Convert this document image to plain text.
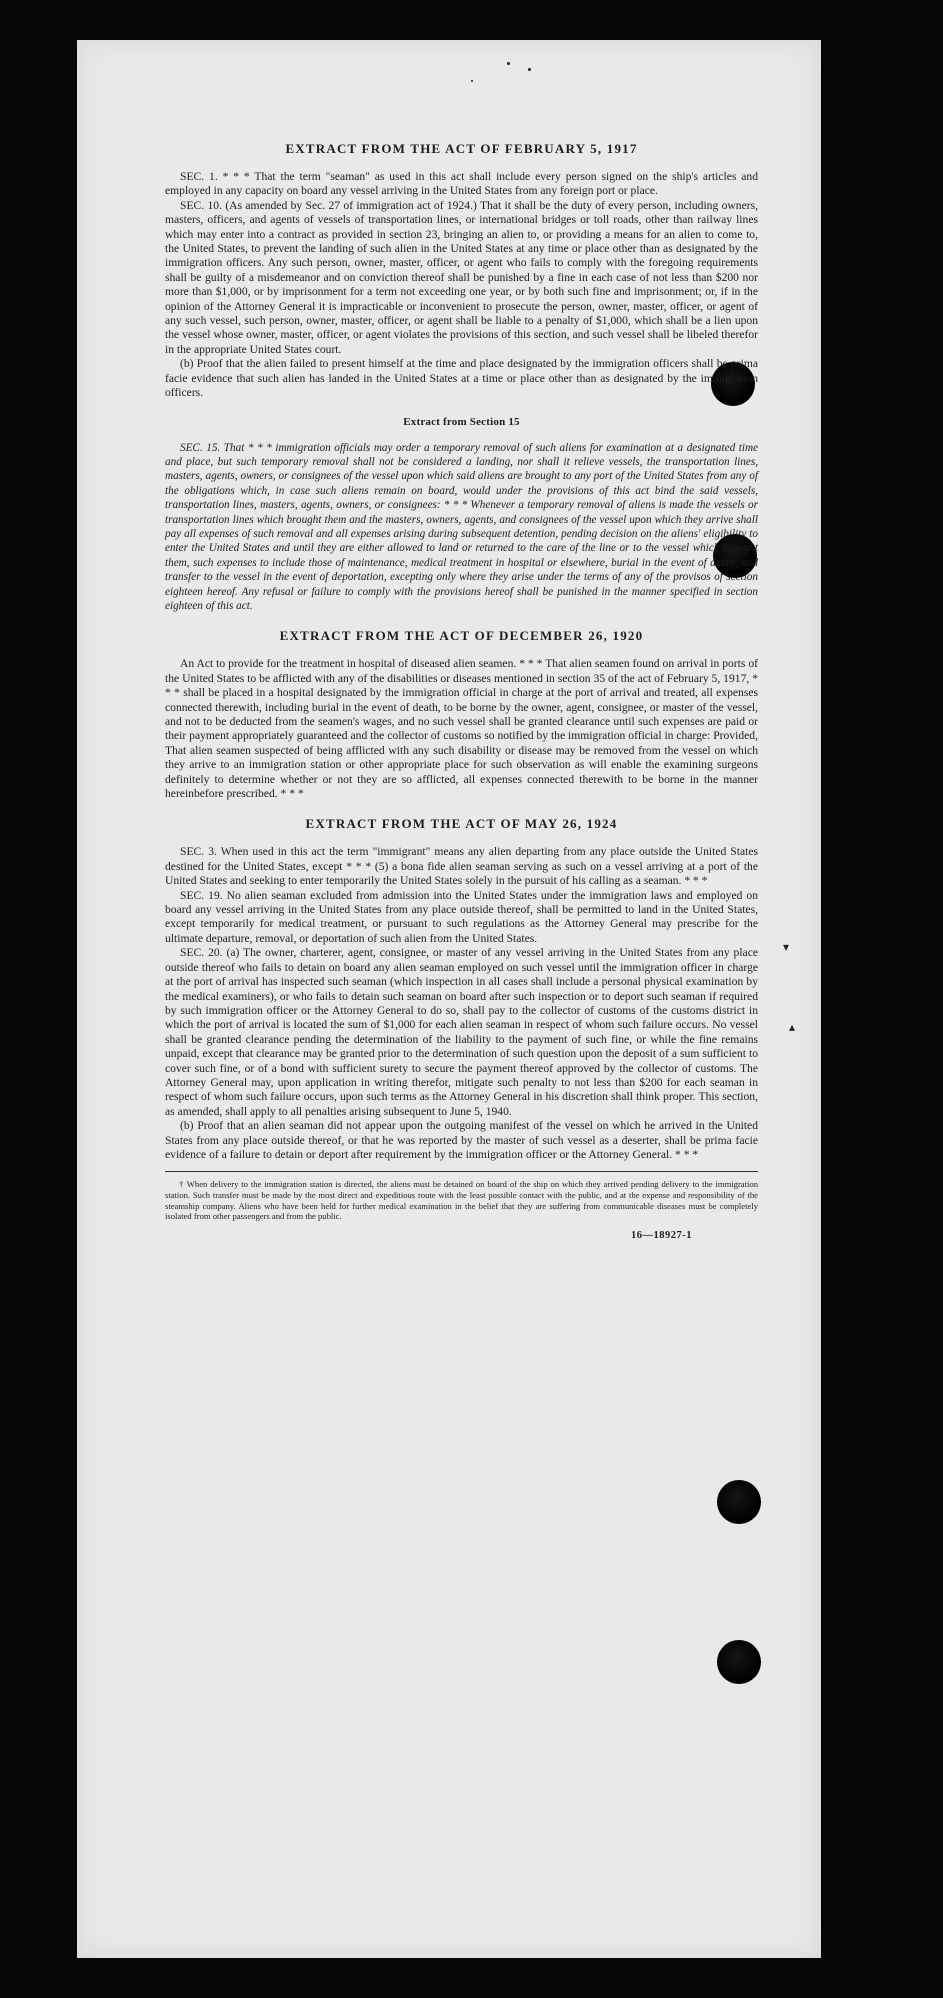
▾
▴
EXTRACT FROM THE ACT OF FEBRUARY 5, 1917

SEC. 1. * * * That the term "seaman" as used in this act shall include every person signed on the ship's articles and employed in any capacity on board any vessel arriving in the United States from any foreign port or place.

SEC. 10. (As amended by Sec. 27 of immigration act of 1924.) That it shall be the duty of every person, including owners, masters, officers, and agents of vessels of transportation lines, or international bridges or toll roads, other than railway lines which may enter into a contract as provided in section 23, bringing an alien to, or providing a means for an alien to come to, the United States, to prevent the landing of such alien in the United States at any time or place other than as designated by the immigration officers. Any such person, owner, master, officer, or agent who fails to comply with the foregoing requirements shall be guilty of a misdemeanor and on conviction thereof shall be punished by a fine in each case of not less than $200 nor more than $1,000, or by imprisonment for a term not exceeding one year, or by both such fine and imprisonment; or, if in the opinion of the Attorney General it is impracticable or inconvenient to prosecute the person, owner, master, officer, or agent of any such vessel, such person, owner, master, officer, or agent shall be liable to a penalty of $1,000, which shall be a lien upon the vessel whose owner, master, officer, or agent violates the provisions of this section, and such vessel shall be libeled therefor in the appropriate United States court.

(b) Proof that the alien failed to present himself at the time and place designated by the immigration officers shall be prima facie evidence that such alien has landed in the United States at a time or place other than as designated by the immigration officers.

Extract from Section 15

SEC. 15. That * * * immigration officials may order a temporary removal of such aliens for examination at a designated time and place, but such temporary removal shall not be considered a landing, nor shall it relieve vessels, the transportation lines, masters, agents, owners, or consignees of the vessel upon which said aliens are brought to any port of the United States from any of the obligations which, in case such aliens remain on board, would under the provisions of this act bind the said vessels, transportation lines, masters, agents, owners, or consignees: * * * Whenever a temporary removal of aliens is made the vessels or transportation lines which brought them and the masters, owners, agents, and consignees of the vessel upon which they arrive shall pay all expenses of such removal and all expenses arising during subsequent detention, pending decision on the aliens' eligibility to enter the United States and until they are either allowed to land or returned to the care of the line or to the vessel which brought them, such expenses to include those of maintenance, medical treatment in hospital or elsewhere, burial in the event of death, and transfer to the vessel in the event of deportation, excepting only where they arise under the terms of any of the provisos of section eighteen hereof. Any refusal or failure to comply with the provisions hereof shall be punished in the manner specified in section eighteen of this act.

EXTRACT FROM THE ACT OF DECEMBER 26, 1920

An Act to provide for the treatment in hospital of diseased alien seamen. * * * That alien seamen found on arrival in ports of the United States to be afflicted with any of the disabilities or diseases mentioned in section 35 of the act of February 5, 1917, * * * shall be placed in a hospital designated by the immigration official in charge at the port of arrival and treated, all expenses connected therewith, including burial in the event of death, to be borne by the owner, agent, consignee, or master of the vessel, and not to be deducted from the seamen's wages, and no such vessel shall be granted clearance until such expenses are paid or their payment appropriately guaranteed and the collector of customs so notified by the immigration official in charge: Provided, That alien seamen suspected of being afflicted with any such disability or disease may be removed from the vessel on which they arrive to an immigration station or other appropriate place for such observation as will enable the examining surgeons definitely to determine whether or not they are so afflicted, all expenses connected therewith to be borne in the manner hereinbefore prescribed. * * *

EXTRACT FROM THE ACT OF MAY 26, 1924

SEC. 3. When used in this act the term "immigrant" means any alien departing from any place outside the United States destined for the United States, except * * * (5) a bona fide alien seaman serving as such on a vessel arriving at a port of the United States and seeking to enter temporarily the United States solely in the pursuit of his calling as a seaman. * * *

SEC. 19. No alien seaman excluded from admission into the United States under the immigration laws and employed on board any vessel arriving in the United States from any place outside thereof, shall be permitted to land in the United States, except temporarily for medical treatment, or pursuant to such regulations as the Attorney General may prescribe for the ultimate departure, removal, or deportation of such alien from the United States.

SEC. 20. (a) The owner, charterer, agent, consignee, or master of any vessel arriving in the United States from any place outside thereof who fails to detain on board any alien seaman employed on such vessel until the immigration officer in charge at the port of arrival has inspected such seaman (which inspection in all cases shall include a personal physical examination by the medical examiners), or who fails to detain such seaman on board after such inspection or to deport such seaman if required by such immigration officer or the Attorney General to do so, shall pay to the collector of customs of the customs district in which the port of arrival is located the sum of $1,000 for each alien seaman in respect of whom such failure occurs. No vessel shall be granted clearance pending the determination of the liability to the payment of such fine, or while the fine remains unpaid, except that clearance may be granted prior to the determination of such question upon the deposit of a sum sufficient to cover such fine, or of a bond with sufficient surety to secure the payment thereof approved by the collector of customs. The Attorney General may, upon application in writing therefor, mitigate such penalty to not less than $200 for each seaman in respect of whom such failure occurs, upon such terms as the Attorney General in his discretion shall think proper. This section, as amended, shall apply to all penalties arising subsequent to June 5, 1940.

(b) Proof that an alien seaman did not appear upon the outgoing manifest of the vessel on which he arrived in the United States from any place outside thereof, or that he was reported by the master of such vessel as a deserter, shall be prima facie evidence of a failure to detain or deport after requirement by the immigration officer or the Attorney General. * * *

† When delivery to the immigration station is directed, the aliens must be detained on board of the ship on which they arrived pending delivery to the immigration station. Such transfer must be made by the most direct and expeditious route with the least possible contact with the public, and at the expense and responsibility of the steamship company. Aliens who have been held for further medical examination in the belief that they are suffering from communicable diseases must be completely isolated from other passengers and from the public.
16—18927-1
